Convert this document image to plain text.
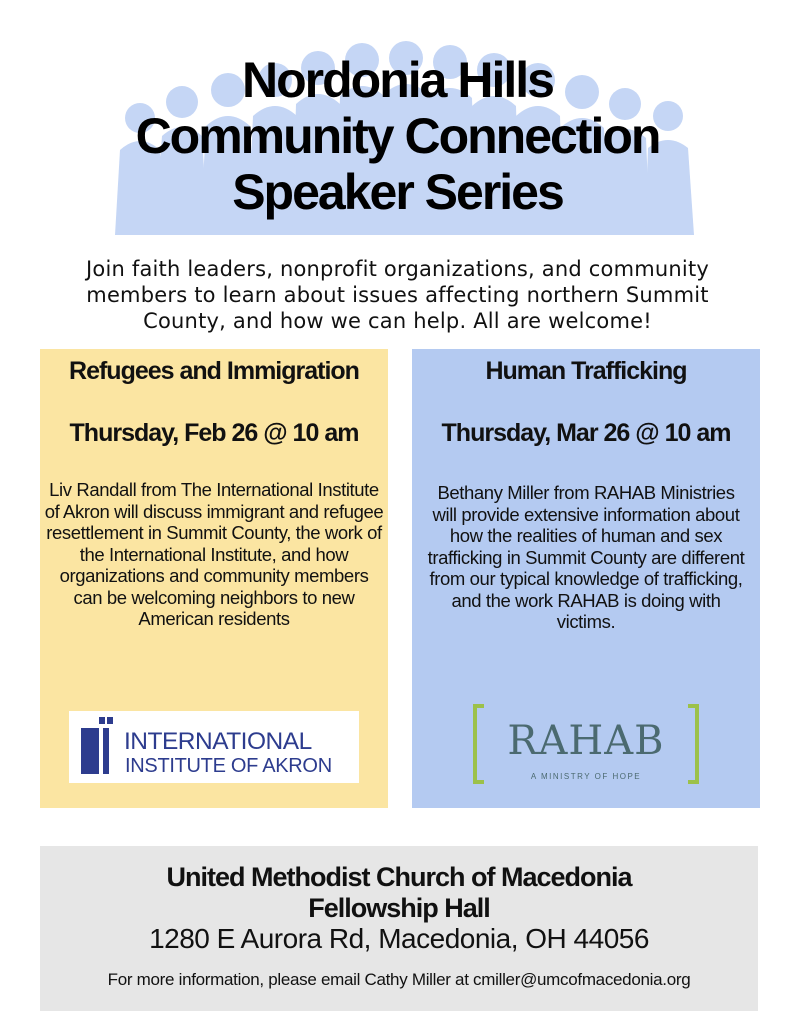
Nordonia Hills
Community Connection
Speaker Series
Join faith leaders, nonprofit organizations, and community members to learn about issues affecting northern Summit County, and how we can help. All are welcome!
Refugees and Immigration
Thursday, Feb 26 @ 10 am
Liv Randall from The International Institute of Akron will discuss immigrant and refugee resettlement in Summit County, the work of the International Institute, and how organizations and community members can be welcoming neighbors to new American residents
INTERNATIONAL
INSTITUTE OF AKRON
Human Trafficking
Thursday, Mar 26 @ 10 am
Bethany Miller from RAHAB Ministries will provide extensive information about how the realities of human and sex trafficking in Summit County are different from our typical knowledge of trafficking, and the work RAHAB is doing with victims.
RAHAB
A MINISTRY OF HOPE
United Methodist Church of Macedonia
Fellowship Hall
1280 E Aurora Rd, Macedonia, OH 44056
For more information, please email Cathy Miller at cmiller@umcofmacedonia.org
